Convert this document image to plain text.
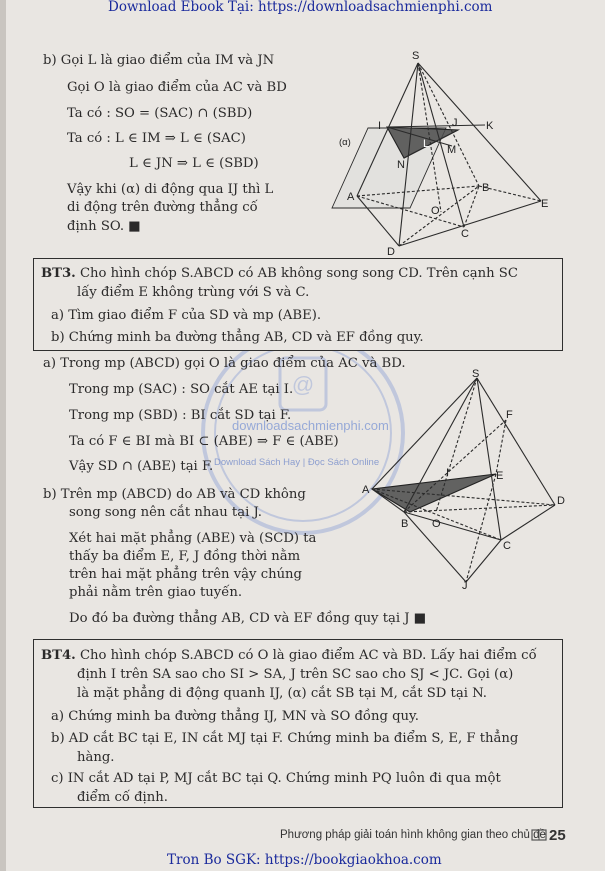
Download Ebook Tại: https://downloadsachmienphi.com
@
downloadsachmienphi.com
Download Sách Hay | Đọc Sách Online
b) Gọi L là giao điểm của IM và JN
Gọi O là giao điểm của AC và BD
Ta có : SO = (SAC) ∩ (SBD)
Ta có : L ∈ IM ⇒ L ∈ (SAC)
L ∈ JN ⇒ L ∈ (SBD)
Vậy khi (α) di động qua IJ thì L
di động trên đường thẳng cố
định SO. ■
S
I	J	K
L M
N
A
B
O
C
D
E
(α)
BT3. Cho hình chóp S.ABCD có AB không song song CD. Trên cạnh SC
lấy điểm E không trùng với S và C.
a) Tìm giao điểm F của SD và mp (ABE).
b) Chứng minh ba đường thẳng AB, CD và EF đồng quy.
a) Trong mp (ABCD) gọi O là giao điểm của AC và BD.
Trong mp (SAC) : SO cắt AE tại I.
Trong mp (SBD) : BI cắt SD tại F.
Ta có F ∈ BI mà BI ⊂ (ABE) ⇒ F ∈ (ABE)
Vậy SD ∩ (ABE) tại F.
b) Trên mp (ABCD) do AB và CD không
song song nên cắt nhau tại J.
Xét hai mặt phẳng (ABE) và (SCD) ta
thấy ba điểm E, F, J đồng thời nằm
trên hai mặt phẳng trên vậy chúng
phải nằm trên giao tuyến.
Do đó ba đường thẳng AB, CD và EF đồng quy tại J ■
S
F
I	E
A
B O
D
C
J
BT4. Cho hình chóp S.ABCD có O là giao điểm AC và BD. Lấy hai điểm cố
định I trên SA sao cho SI > SA, J trên SC sao cho SJ < JC. Gọi (α)
là mặt phẳng di động quanh IJ, (α) cắt SB tại M, cắt SD tại N.
a) Chứng minh ba đường thẳng IJ, MN và SO đồng quy.
b) AD cắt BC tại E, IN cắt MJ tại F. Chứng minh ba điểm S, E, F thẳng
hàng.
c) IN cắt AD tại P, MJ cắt BC tại Q. Chứng minh PQ luôn đi qua một
điểm cố định.
Phương pháp giải toán hình không gian theo chủ đề 25
Tron Bo SGK: https://bookgiaokhoa.com
